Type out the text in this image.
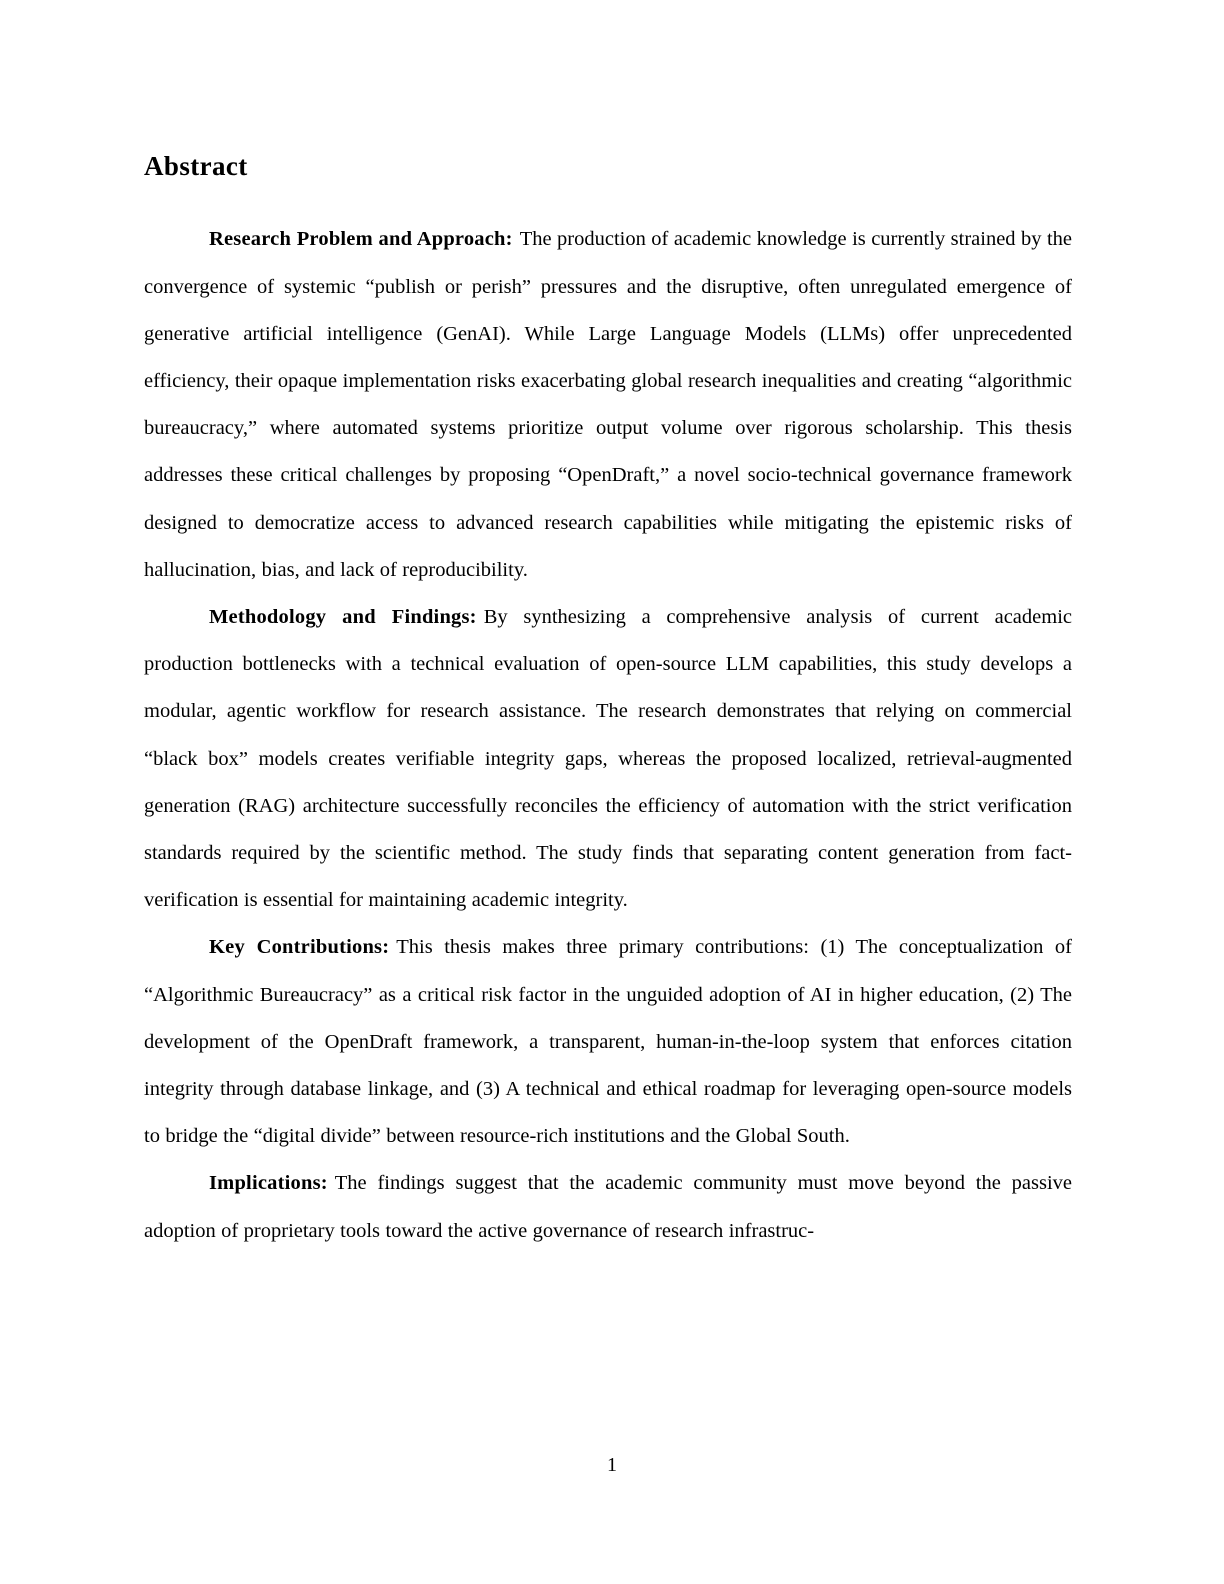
Abstract

Research Problem and Approach: The production of academic knowledge is currently strained by the convergence of systemic “publish or perish” pressures and the disruptive, often unregulated emergence of generative artificial intelligence (GenAI). While Large Language Models (LLMs) offer unprecedented efficiency, their opaque implementation risks exacerbating global research inequalities and creating “algorithmic bureaucracy,” where automated systems prioritize output volume over rigorous scholarship. This thesis addresses these critical challenges by proposing “OpenDraft,” a novel socio-technical governance framework designed to democratize access to advanced research capabilities while mitigating the epistemic risks of hallucination, bias, and lack of reproducibility.

Methodology and Findings: By synthesizing a comprehensive analysis of current academic production bottlenecks with a technical evaluation of open-source LLM capabilities, this study develops a modular, agentic workflow for research assistance. The research demonstrates that relying on commercial “black box” models creates verifiable integrity gaps, whereas the proposed localized, retrieval-augmented generation (RAG) architecture successfully reconciles the efficiency of automation with the strict verification standards required by the scientific method. The study finds that separating content generation from fact-verification is essential for maintaining academic integrity.

Key Contributions: This thesis makes three primary contributions: (1) The conceptualization of “Algorithmic Bureaucracy” as a critical risk factor in the unguided adoption of AI in higher education, (2) The development of the OpenDraft framework, a transparent, human-in-the-loop system that enforces citation integrity through database linkage, and (3) A technical and ethical roadmap for leveraging open-source models to bridge the “digital divide” between resource-rich institutions and the Global South.

Implications: The findings suggest that the academic community must move beyond the passive adoption of proprietary tools toward the active governance of research infrastruc-

1
